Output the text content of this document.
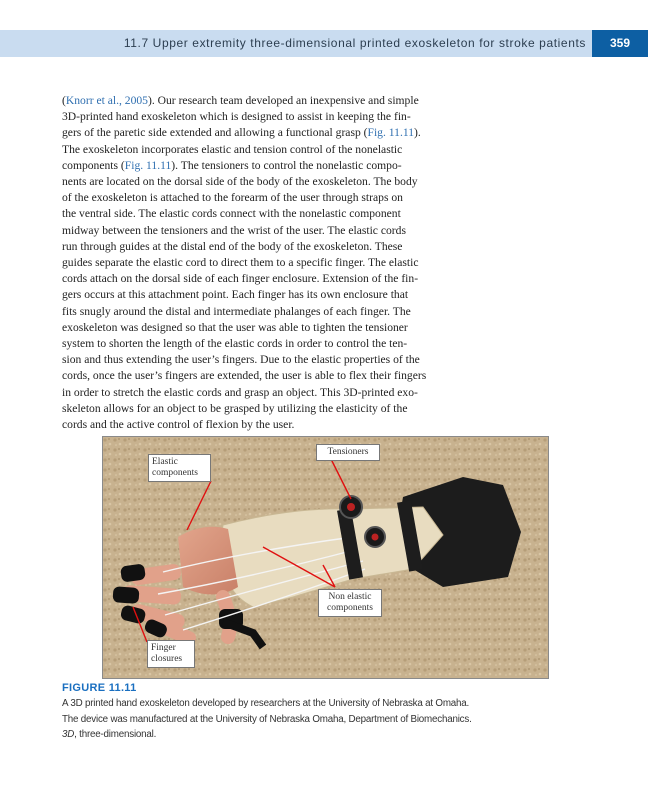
11.7 Upper extremity three-dimensional printed exoskeleton for stroke patients	359

(Knorr et al., 2005). Our research team developed an inexpensive and simple
3D-printed hand exoskeleton which is designed to assist in keeping the fin-
gers of the paretic side extended and allowing a functional grasp (Fig. 11.11).
The exoskeleton incorporates elastic and tension control of the nonelastic
components (Fig. 11.11). The tensioners to control the nonelastic compo-
nents are located on the dorsal side of the body of the exoskeleton. The body
of the exoskeleton is attached to the forearm of the user through straps on
the ventral side. The elastic cords connect with the nonelastic component
midway between the tensioners and the wrist of the user. The elastic cords
run through guides at the distal end of the body of the exoskeleton. These
guides separate the elastic cord to direct them to a specific finger. The elastic
cords attach on the dorsal side of each finger enclosure. Extension of the fin-
gers occurs at this attachment point. Each finger has its own enclosure that
fits snugly around the distal and intermediate phalanges of each finger. The
exoskeleton was designed so that the user was able to tighten the tensioner
system to shorten the length of the elastic cords in order to control the ten-
sion and thus extending the user’s fingers. Due to the elastic properties of the
cords, once the user’s fingers are extended, the user is able to flex their fingers
in order to stretch the elastic cords and grasp an object. This 3D-printed exo-
skeleton allows for an object to be grasped by utilizing the elasticity of the
cords and the active control of flexion by the user.

Elastic
components
Tensioners
Non elastic
components
Finger
closures
FIGURE 11.11

A 3D printed hand exoskeleton developed by researchers at the University of Nebraska at Omaha. The device was manufactured at the University of Nebraska Omaha, Department of Biomechanics. 3D, three-dimensional.
